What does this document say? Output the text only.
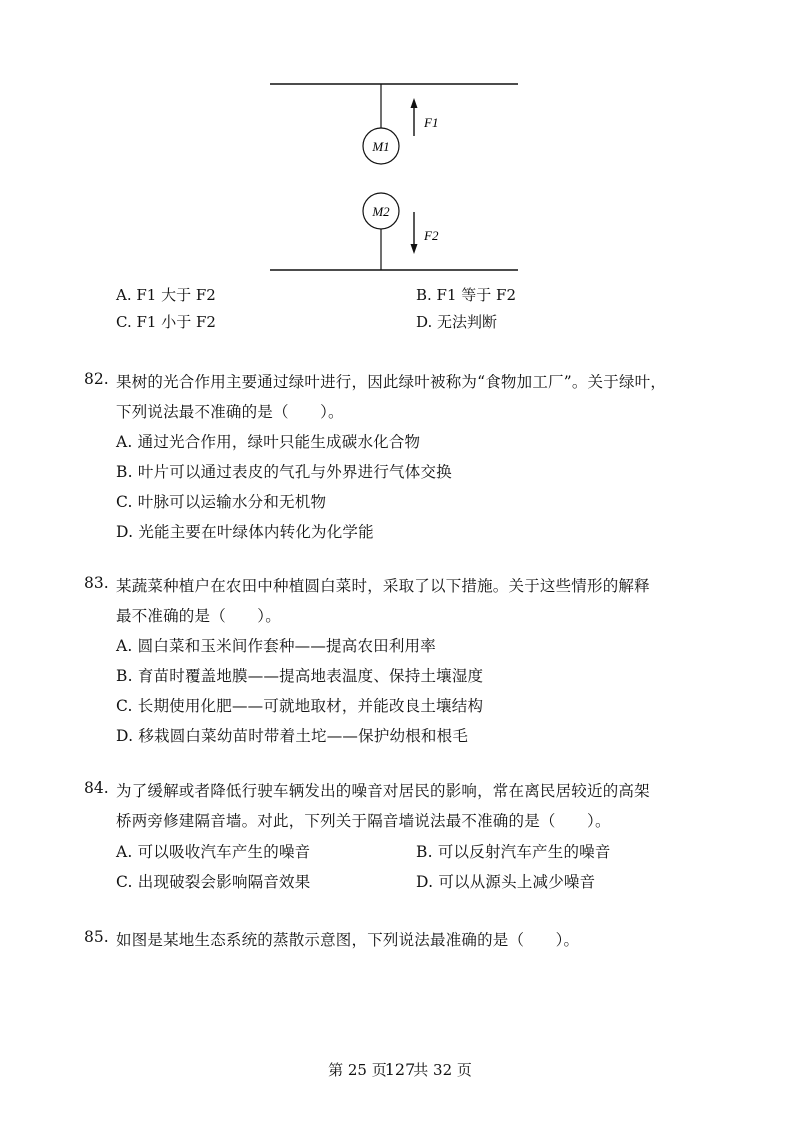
M1
M2
F1
F2
A. F1 大于 F2	B. F1 等于 F2
C. F1 小于 F2	D. 无法判断
82. 果树的光合作用主要通过绿叶进行，因此绿叶被称为“食物加工厂”。关于绿叶，
下列说法最不准确的是（　　）。
A. 通过光合作用，绿叶只能生成碳水化合物
B. 叶片可以通过表皮的气孔与外界进行气体交换
C. 叶脉可以运输水分和无机物
D. 光能主要在叶绿体内转化为化学能
83. 某蔬菜种植户在农田中种植圆白菜时，采取了以下措施。关于这些情形的解释
最不准确的是（　　）。
A. 圆白菜和玉米间作套种——提高农田利用率
B. 育苗时覆盖地膜——提高地表温度、保持土壤湿度
C. 长期使用化肥——可就地取材，并能改良土壤结构
D. 移栽圆白菜幼苗时带着土坨——保护幼根和根毛
84. 为了缓解或者降低行驶车辆发出的噪音对居民的影响，常在离民居较近的高架
桥两旁修建隔音墙。对此，下列关于隔音墙说法最不准确的是（　　）。
A. 可以吸收汽车产生的噪音	B. 可以反射汽车产生的噪音
C. 出现破裂会影响隔音效果	D. 可以从源头上减少噪音
85. 如图是某地生态系统的蒸散示意图，下列说法最准确的是（　　）。
第 25 页127共 32 页
